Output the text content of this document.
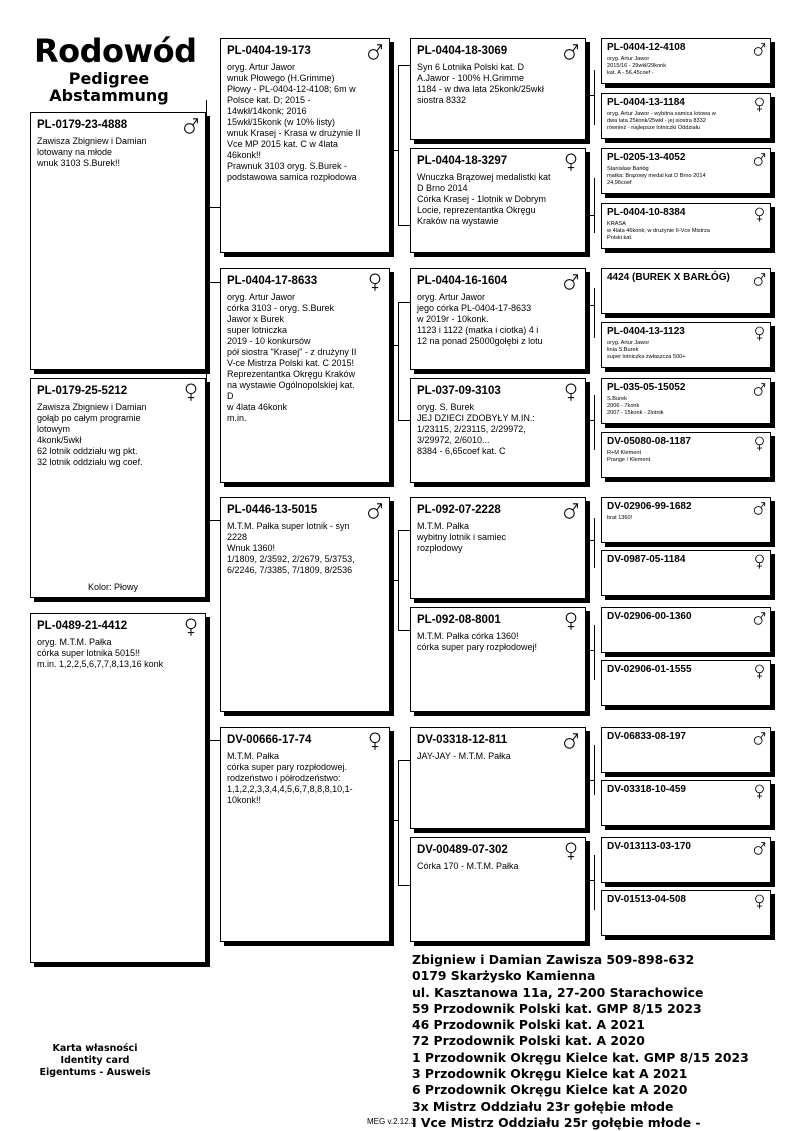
Rodowód
Pedigree
Abstammung
PL-0179-23-4888
Zawisza Zbigniew i Damian
lotowany na młode
wnuk 3103 S.Burek!!
PL-0179-25-5212
Zawisza Zbigniew i Damian
gołąb po całym programie
lotowym
4konk/5wkł
62 lotnik oddziału wg pkt.
32 lotnik oddziału wg coef.
Kolor: Płowy
PL-0489-21-4412
oryg. M.T.M. Pałka
córka super lotnika 5015!!
m.in. 1,2,2,5,6,7,7,8,13,16 konk
PL-0404-19-173
oryg. Artur Jawor
wnuk Płowego (H.Grimme)
Płowy - PL-0404-12-4108; 6m w
Polsce kat. D; 2015 -
14wkł/14konk; 2016
15wkł/15konk (w 10% listy)
wnuk Krasej - Krasa w drużynie II
Vce MP 2015 kat. C w 4lata
46konk!!
Prawnuk 3103 oryg. S.Burek -
podstawowa samica rozpłodowa
PL-0404-17-8633
oryg. Artur Jawor
córka 3103 - oryg. S.Burek
Jawor x Burek
super lotniczka
2019 - 10 konkursów
pół siostra "Krasej" - z drużyny II
V-ce Mistrza Polski kat. C 2015!
Reprezentantka Okręgu Kraków
na wystawie Ogólnopolskiej kat.
D
w 4lata 46konk
m.in.
PL-0446-13-5015
M.T.M. Pałka super lotnik - syn
2228
Wnuk 1360!
1/1809, 2/3592, 2/2679, 5/3753,
6/2246, 7/3385, 7/1809, 8/2536
DV-00666-17-74
M.T.M. Pałka
córka super pary rozpłodowej.
rodzeństwo i półrodzeństwo:
1,1,2,2,3,3,4,4,5,6,7,8,8,8,10,1-
10konk!!
PL-0404-18-3069
Syn 6 Lotnika Polski kat. D
A.Jawor - 100% H.Grimme
1184 - w dwa lata 25konk/25wkł
siostra 8332
PL-0404-18-3297
Wnuczka Brązowej medalistki kat
D Brno 2014
Córka Krasej - 1lotnik w Dobrym
Locie, reprezentantka Okręgu
Kraków na wystawie
PL-0404-16-1604
oryg. Artur Jawor
jego córka PL-0404-17-8633
w 2019r - 10konk.
1123 i 1122 (matka i ciotka) 4 i
12 na ponad 25000gołębi z lotu
PL-037-09-3103
oryg. S. Burek
JEJ DZIECI ZDOBYŁY M.IN.:
1/23115, 2/23115, 2/29972,
3/29972, 2/6010...
8384 - 6,65coef kat. C
PL-092-07-2228
M.T.M. Pałka
wybitny lotnik i samiec
rozpłodowy
PL-092-08-8001
M.T.M. Pałka córka 1360!
córka super pary rozpłodowej!
DV-03318-12-811
JAY-JAY - M.T.M. Pałka
DV-00489-07-302
Córka 170 - M.T.M. Pałka
PL-0404-12-4108
oryg. Artur Jawor
2015/16 - 29wkł/29konk
kat. A - 56,45coef -
PL-0404-13-1184
oryg. Artur Jawor - wybitna samica lotowa w
dwa lata 25konk/25wkł - jej siostra 8332
również - najlepsze lotniczki Oddziału
PL-0205-13-4052
Stanisław Barłóg
matka: Brązowy medal kat D Brno 2014
24,96coef
PL-0404-10-8384
KRASA
w 4lata 46konk, w drużynie II-Vce Mistrza
Polski kat.
4424 (BUREK X BARŁÓG)
PL-0404-13-1123
oryg. Artur Jawor
linia S.Burek
super lotniczka zwłaszcza 500+
PL-035-05-15052
S.Burek
2006 - 7konk
2007 - 15konk - 2lotnik
DV-05080-08-1187
R+M Klement
Prange / Klement
DV-02906-99-1682
brat 1360!
DV-0987-05-1184
DV-02906-00-1360
DV-02906-01-1555
DV-06833-08-197
DV-03318-10-459
DV-013113-03-170
DV-01513-04-508
Zbigniew i Damian Zawisza 509-898-632
0179 Skarżysko Kamienna
ul. Kasztanowa 11a, 27-200 Starachowice
59 Przodownik Polski kat. GMP 8/15 2023
46 Przodownik Polski kat. A 2021
72 Przodownik Polski kat. A 2020
1 Przodownik Okręgu Kielce kat. GMP 8/15 2023
3 Przodownik Okręgu Kielce kat A 2021
6 Przodownik Okręgu Kielce kat A 2020
3x Mistrz Oddziału 23r gołębie młode
I Vce Mistrz Oddziału 25r gołębie młode -
Karta własności
Identity card
Eigentums - Ausweis
MEG v.2.12.3
